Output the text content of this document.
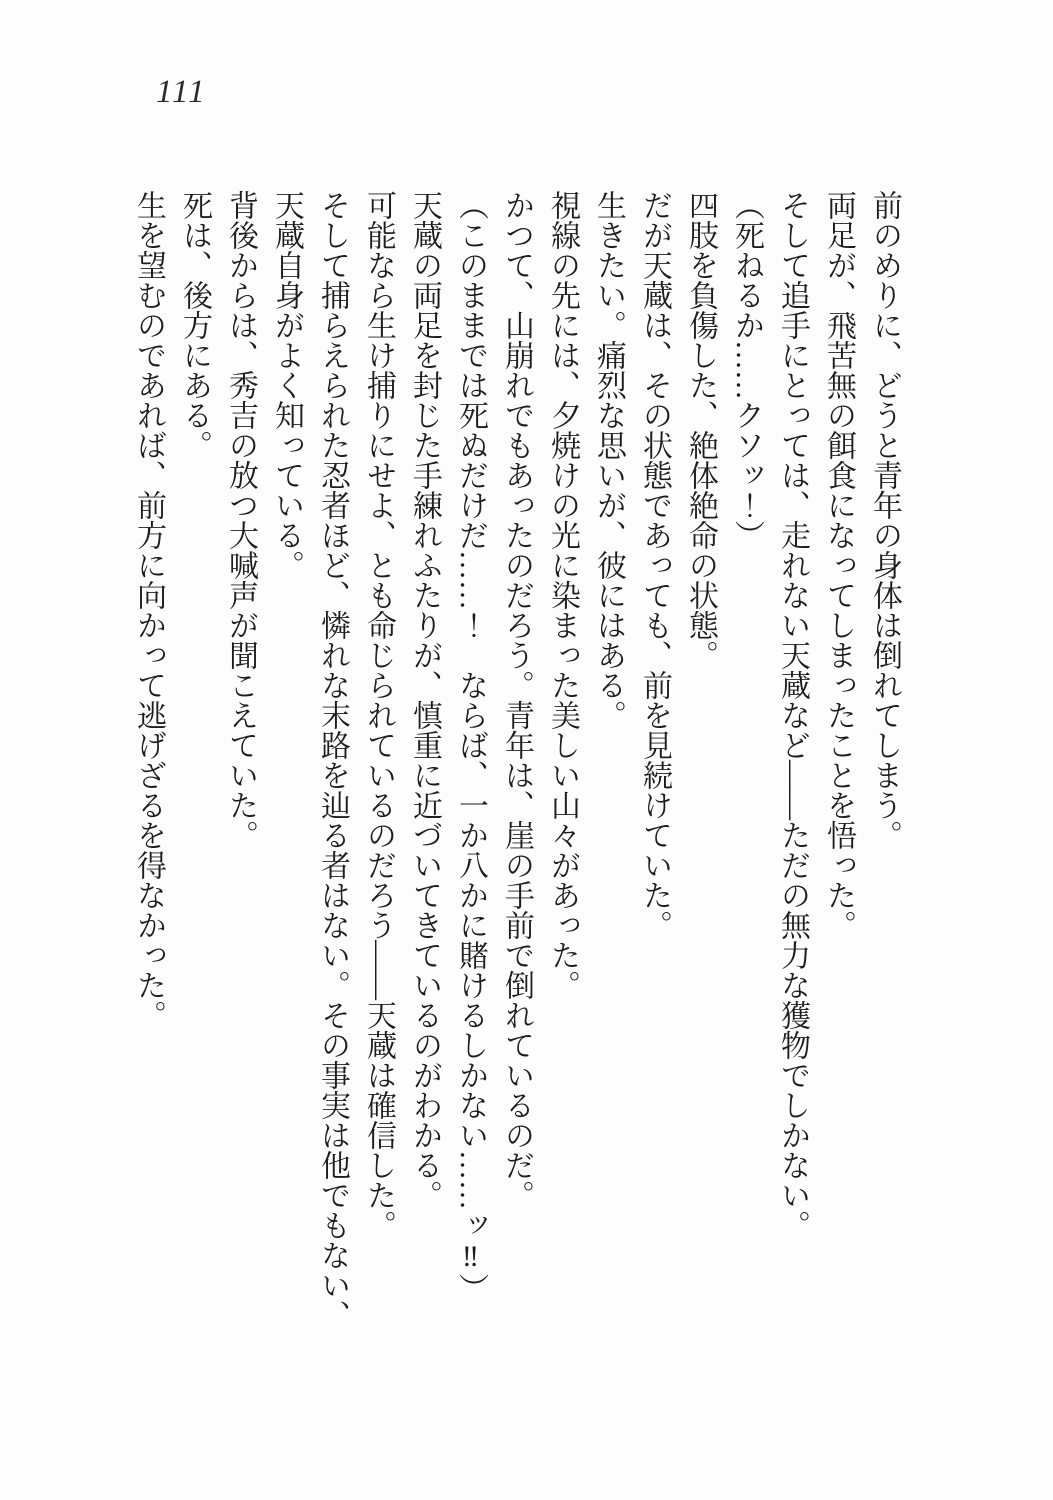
111

前のめりに、どうと青年の身体は倒れてしまう。

両足が、飛苦無の餌食になってしまったことを悟った。

そして追手にとっては、走れない天蔵など――ただの無力な獲物でしかない。

（死ねるか……クソッ！）

四肢を負傷した、絶体絶命の状態。

だが天蔵は、その状態であっても、前を見続けていた。

生きたい。痛烈な思いが、彼にはある。

視線の先には、夕焼けの光に染まった美しい山々があった。

かつて、山崩れでもあったのだろう。青年は、崖の手前で倒れているのだ。

（このままでは死ぬだけだ……！　ならば、一か八かに賭けるしかない……ッ‼）

天蔵の両足を封じた手練れふたりが、慎重に近づいてきているのがわかる。

可能なら生け捕りにせよ、とも命じられているのだろう――天蔵は確信した。

そして捕らえられた忍者ほど、憐れな末路を辿る者はない。その事実は他でもない、天蔵自身がよく知っている。

背後からは、秀吉の放つ大喊声が聞こえていた。

死は、後方にある。

生を望むのであれば、前方に向かって逃げざるを得なかった。
